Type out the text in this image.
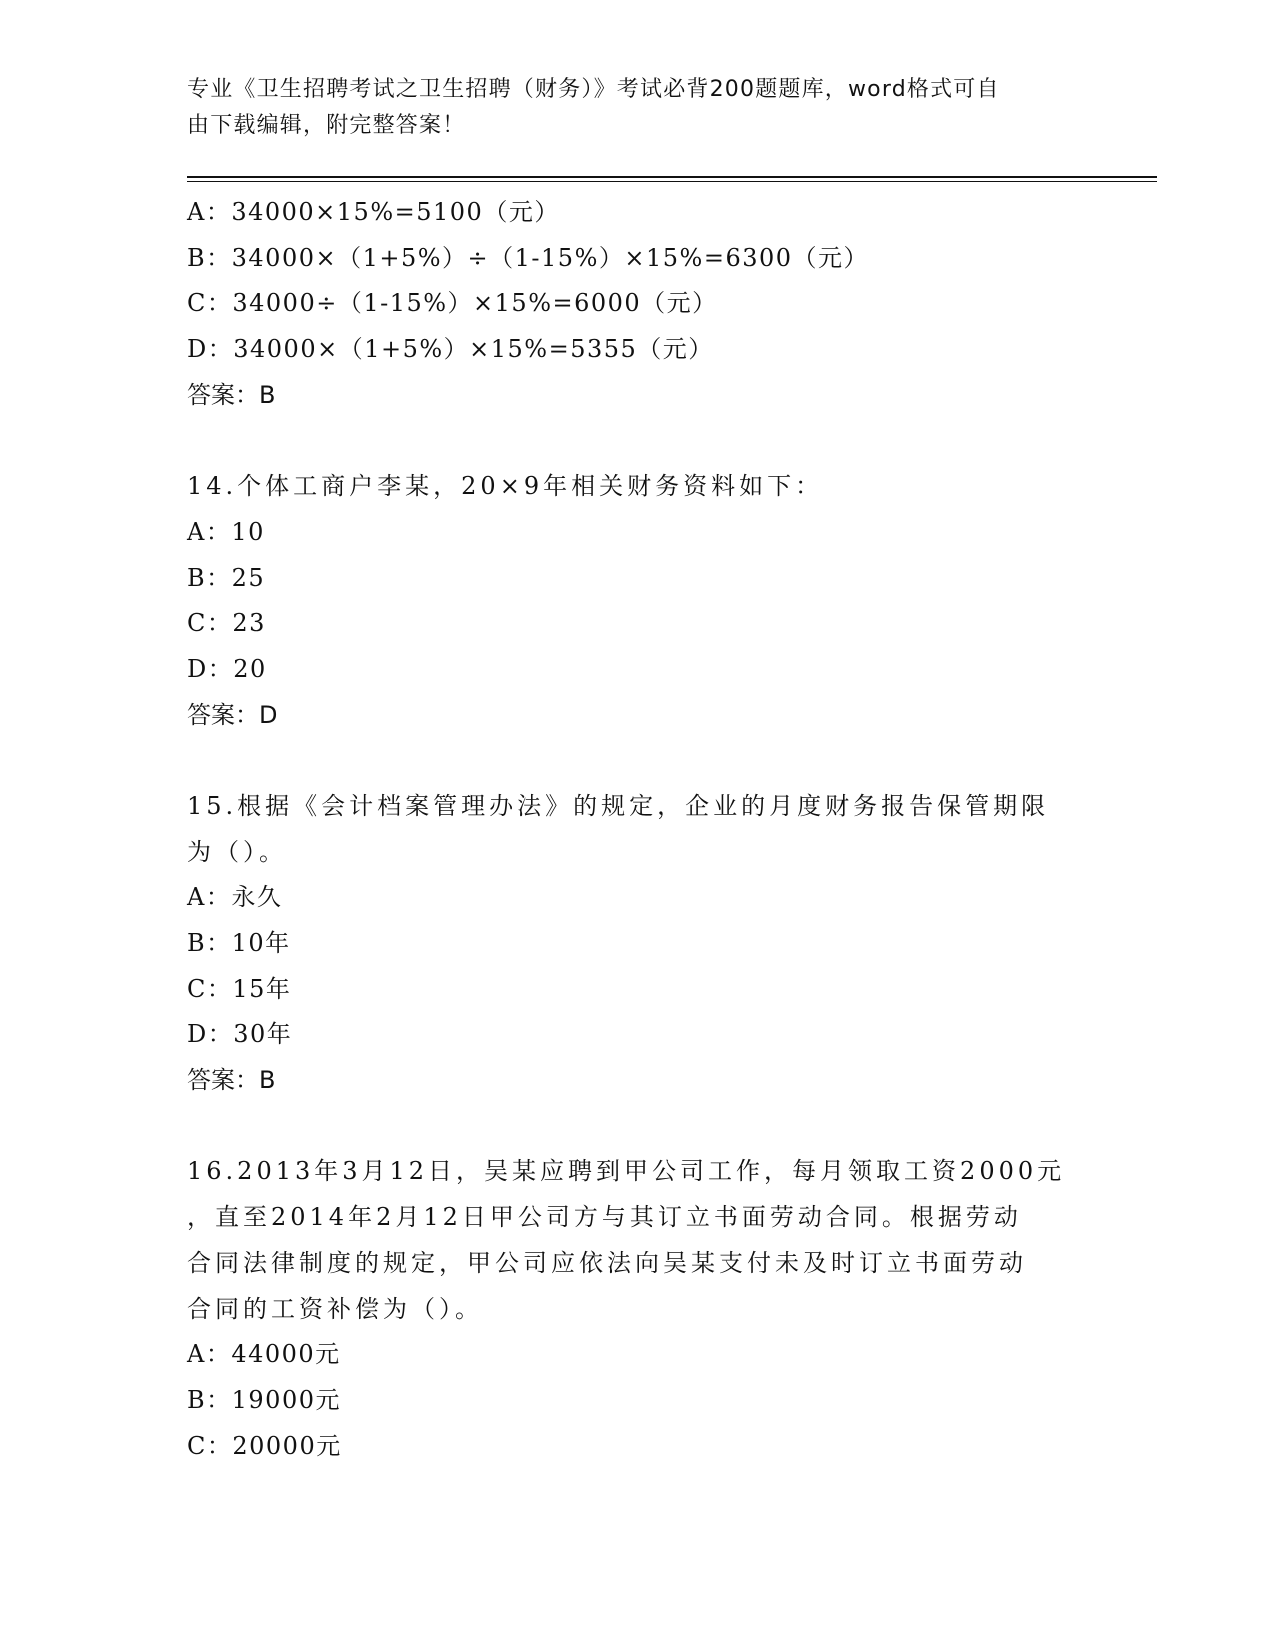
专业《卫生招聘考试之卫生招聘（财务）》考试必背200题题库，word格式可自
由下载编辑，附完整答案！
A：34000×15%=5100（元）
B：34000×（1+5%）÷（1-15%）×15%=6300（元）
C：34000÷（1-15%）×15%=6000（元）
D：34000×（1+5%）×15%=5355（元）
答案：B
14.个体工商户李某，20×9年相关财务资料如下：
A：10
B：25
C：23
D：20
答案：D
15.根据《会计档案管理办法》的规定，企业的月度财务报告保管期限
为（）。
A：永久
B：10年
C：15年
D：30年
答案：B
16.2013年3月12日，吴某应聘到甲公司工作，每月领取工资2000元
，直至2014年2月12日甲公司方与其订立书面劳动合同。根据劳动
合同法律制度的规定，甲公司应依法向吴某支付未及时订立书面劳动
合同的工资补偿为（）。
A：44000元
B：19000元
C：20000元
